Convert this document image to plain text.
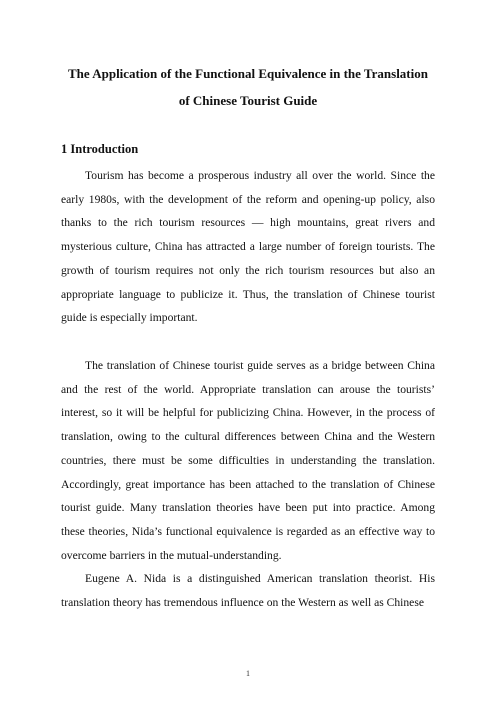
The Application of the Functional Equivalence in the Translation
of Chinese Tourist Guide
1 Introduction

Tourism has become a prosperous industry all over the world. Since the early 1980s, with the development of the reform and opening-up policy, also thanks to the rich tourism resources — high mountains, great rivers and mysterious culture, China has attracted a large number of foreign tourists. The growth of tourism requires not only the rich tourism resources but also an appropriate language to publicize it. Thus, the translation of Chinese tourist guide is especially important.

The translation of Chinese tourist guide serves as a bridge between China and the rest of the world. Appropriate translation can arouse the tourists’ interest, so it will be helpful for publicizing China. However, in the process of translation, owing to the cultural differences between China and the Western countries, there must be some difficulties in understanding the translation. Accordingly, great importance has been attached to the translation of Chinese tourist guide. Many translation theories have been put into practice. Among these theories, Nida’s functional equivalence is regarded as an effective way to overcome barriers in the mutual-understanding.

Eugene A. Nida is a distinguished American translation theorist. His translation theory has tremendous influence on the Western as well as Chinese

1
